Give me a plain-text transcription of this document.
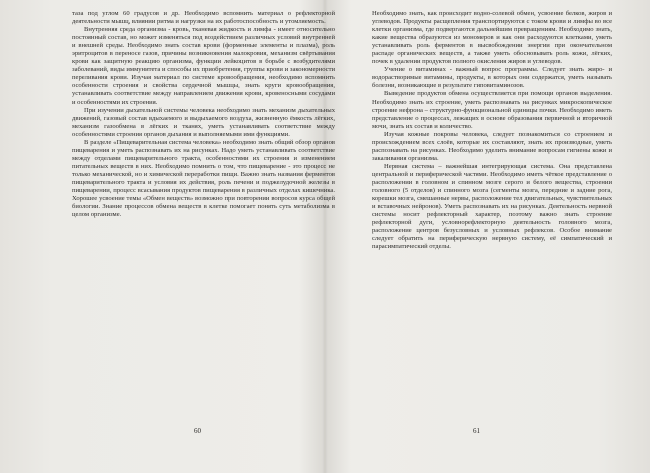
таза под углом 60 градусов и др. Необходимо вспомнить материал о рефлекторной деятельности мышц, влиянии ритма и нагрузки на их работоспособность и утомляемость.

Внутренняя среда организма - кровь, тканевая жидкость и лимфа - имеет относительно постоянный состав, но может изменяться под воздействием различных условий внутренней и внешней среды. Необходимо знать состав крови (форменные элементы и плазма), роль эритроцитов в переносе газов, причины возникновения малокровия, механизм свёртывания крови как защитную реакцию организма, функции лейкоцитов в борьбе с возбудителями заболеваний, виды иммунитета и способы их приобретения, группы крови и закономерности переливания крови. Изучая материал по системе кровообращения, необходимо вспомнить особенности строения и свойства сердечной мышцы, знать круги кровообращения, устанавливать соответствие между направлением движения крови, кровеносными сосудами и особенностями их строения.

При изучении дыхательной системы человека необходимо знать механизм дыхательных движений, газовый состав вдыхаемого и выдыхаемого воздуха, жизненную ёмкость лёгких, механизм газообмена в лёгких и тканях, уметь устанавливать соответствие между особенностями строения органов дыхания и выполняемыми ими функциями.

В разделе «Пищеварительная система человека» необходимо знать общий обзор органов пищеварения и уметь распознавать их на рисунках. Надо уметь устанавливать соответствие между отделами пищеварительного тракта, особенностями их строения и изменением питательных веществ в них. Необходимо помнить о том, что пищеварение - это процесс не только механической, но и химической переработки пищи. Важно знать названия ферментов пищеварительного тракта и условия их действия, роль печени и поджелудочной железы в пищеварении, процесс всасывания продуктов пищеварения в различных отделах кишечника. Хорошее усвоение темы «Обмен веществ» возможно при повторении вопросов курса общей биологии. Знание процессов обмена веществ в клетке помогает понять суть метаболизма в целом организме.

60

Необходимо знать, как происходит водно-солевой обмен, усвоение белков, жиров и углеводов. Продукты расщепления транспортируются с током крови и лимфы во все клетки организма, где подвергаются дальнейшим превращениям. Необходимо знать, какие вещества образуются из мономеров и как они расходуются клетками, уметь устанавливать роль ферментов в высвобождении энергии при окончательном распаде органических веществ, а также уметь обосновывать роль кожи, лёгких, почек в удалении продуктов полного окисления жиров и углеводов.

Учение о витаминах - важный вопрос программы. Следует знать жиро- и водорастворимые витамины, продукты, в которых они содержатся, уметь называть болезни, возникающие в результате гиповитаминозов.

Выведение продуктов обмена осуществляется при помощи органов выделения. Необходимо знать их строение, уметь распознавать на рисунках микроскопическое строение нефрона – структурно-функциональной единицы почки. Необходимо иметь представление о процессах, лежащих в основе образования первичной и вторичной мочи, знать их состав и количество.

Изучая кожные покровы человека, следует познакомиться со строением и происхождением всех слоёв, которые их составляют, знать их производные, уметь распознавать на рисунках. Необходимо уделить внимание вопросам гигиены кожи и закаливания организма.

Нервная система – важнейшая интегрирующая система. Она представлена центральной и периферической частями. Необходимо иметь чёткое представление о расположении в головном и спинном мозге серого и белого вещества, строении головного (5 отделов) и спинного мозга (сегменты мозга, передние и задние рога, корешки мозга, смешанные нервы, расположение тел двигательных, чувствительных и вставочных нейронов). Уметь распознавать их на рисунках. Деятельность нервной системы носит рефлекторный характер, поэтому важно знать строение рефлекторной дуги, условнорефлекторную деятельность головного мозга, расположение центров безусловных и условных рефлексов. Особое внимание следует обратить на периферическую нервную систему, её симпатический и парасимпатический отделы.

61
